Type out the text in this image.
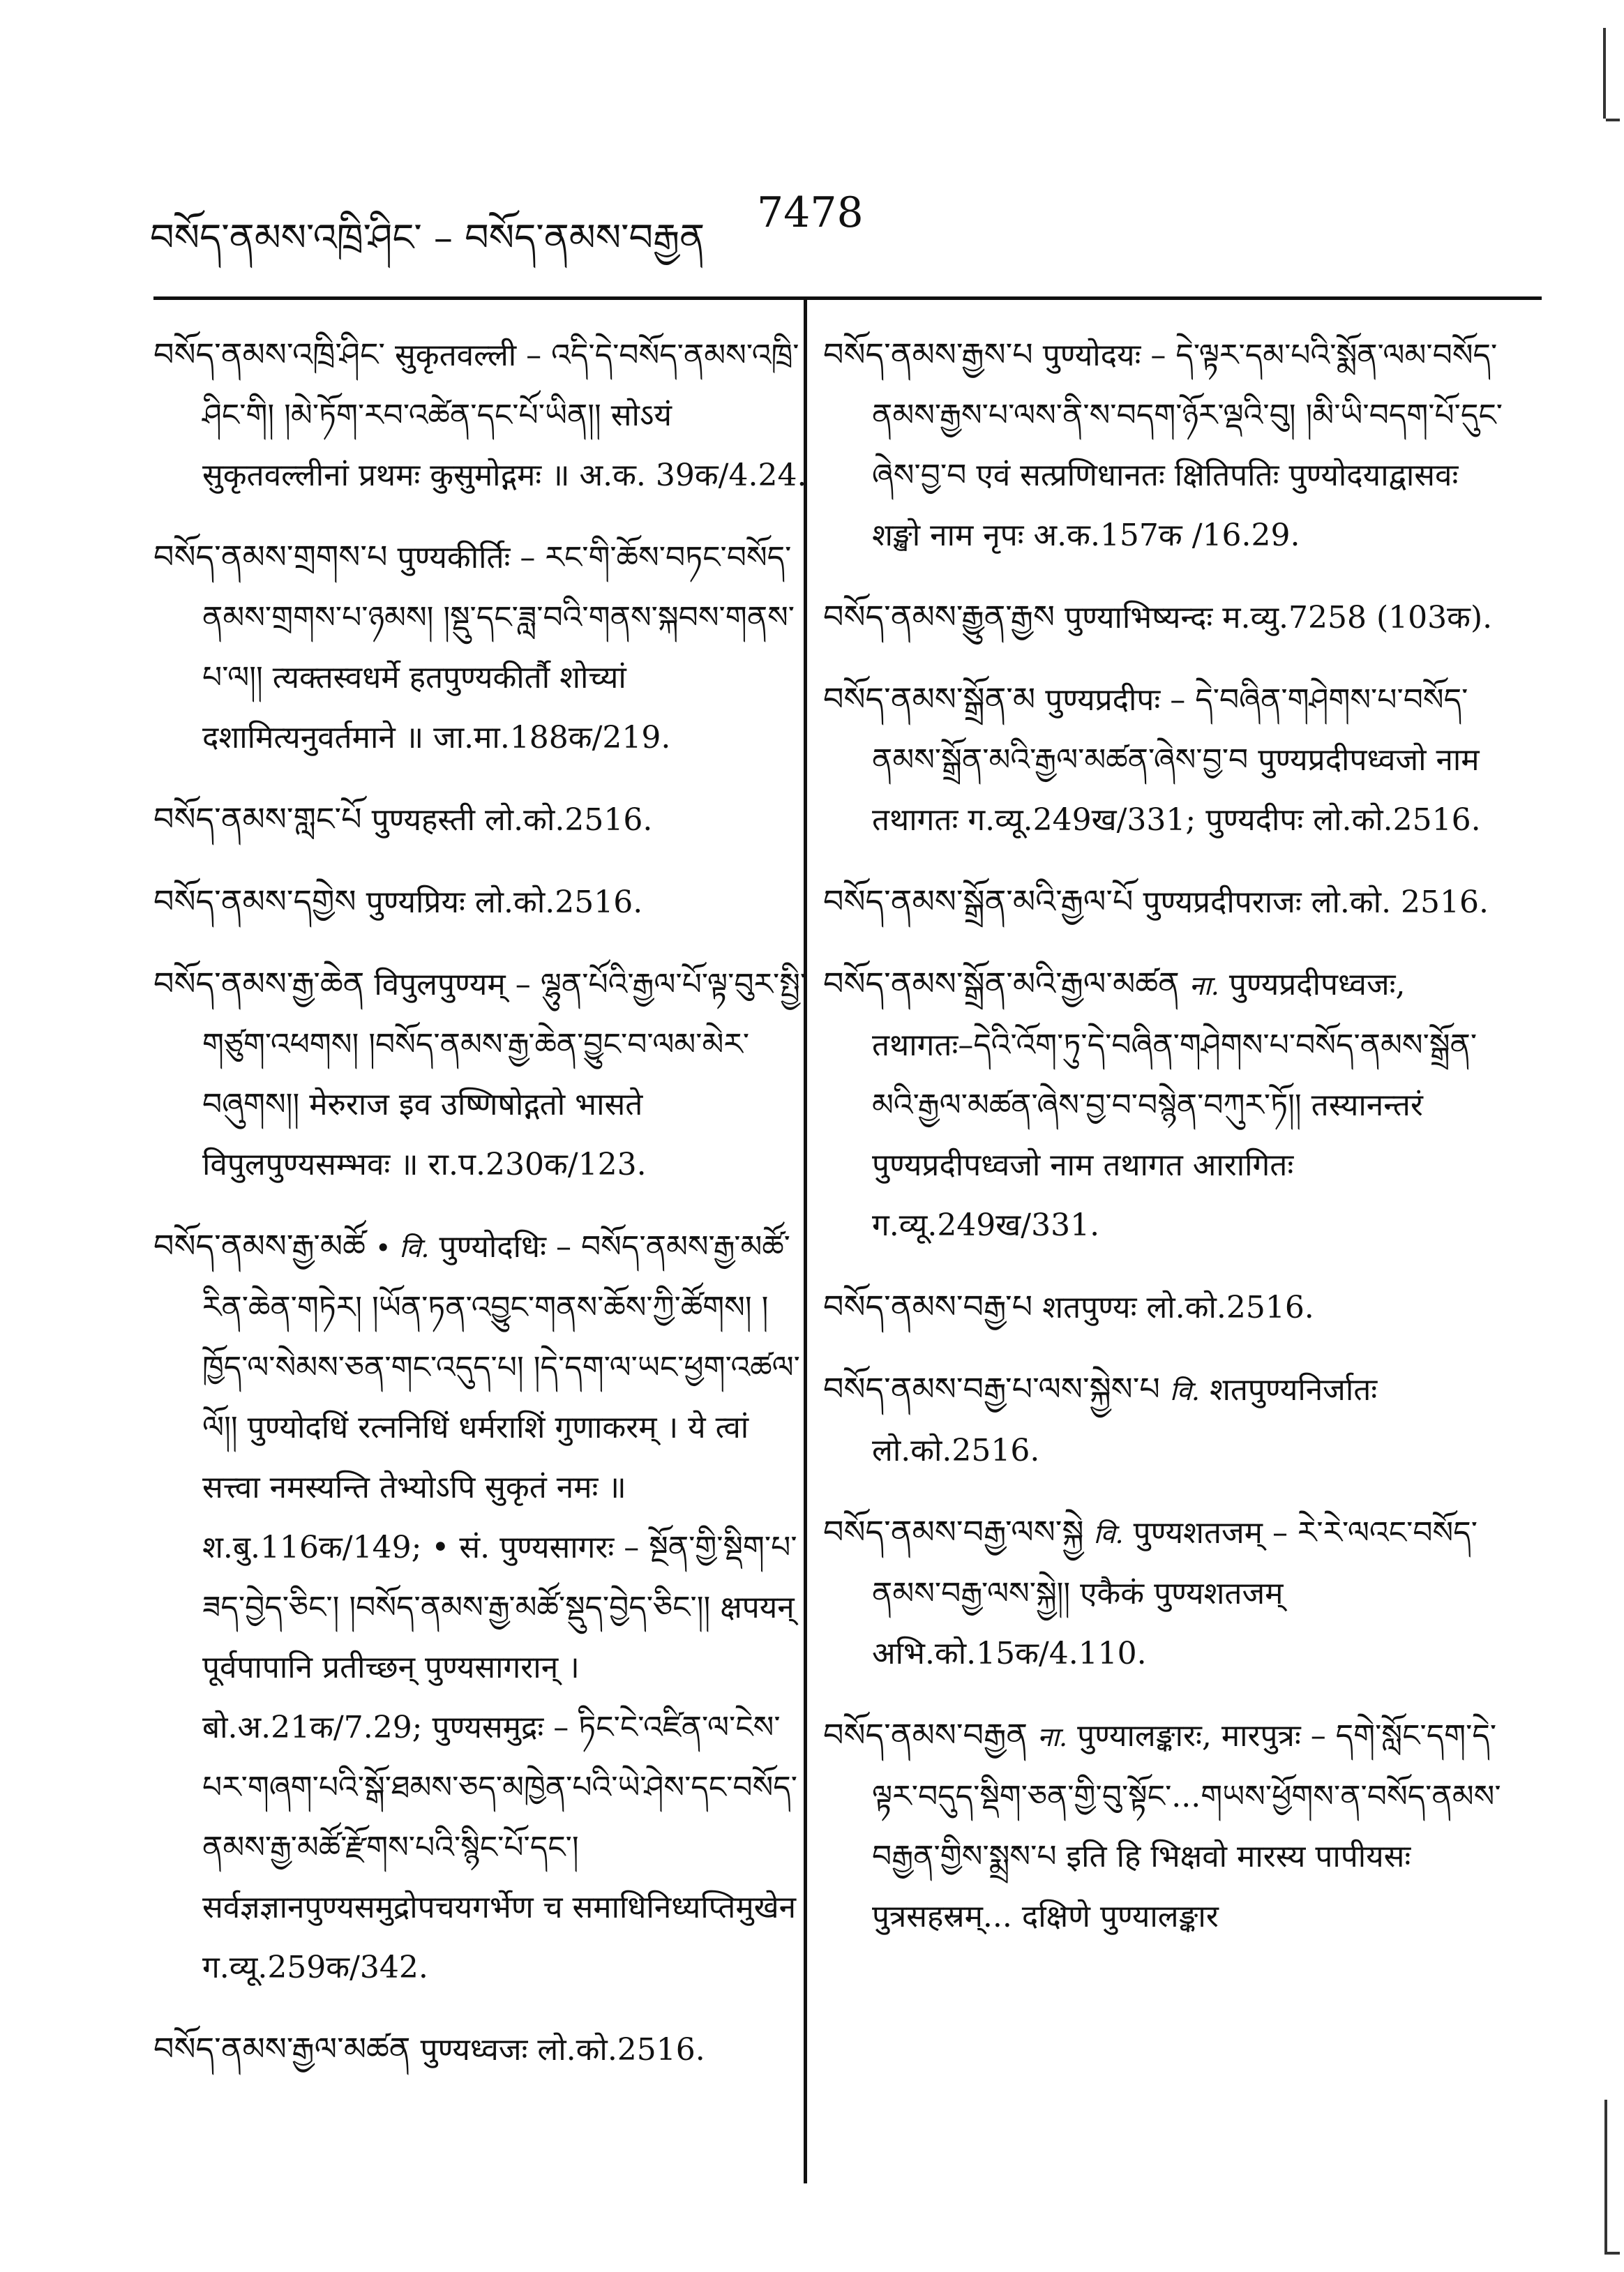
བསོད་ནམས་འཁྲི་ཤིང་ – བསོད་ནམས་བརྒྱན
7478
བསོད་ནམས་འཁྲི་ཤིང་ सुकृतवल्ली – འདི་དེ་བསོད་ནམས་འཁྲི་ཤིང་གི། །མེ་ཏོག་རབ་འཚེན་དང་པོ་ཡིན།། सोऽयं सुकृतवल्लीनां प्रथमः कुसुमोद्गमः ॥ अ.क. 39क/4.24.
བསོད་ནམས་གྲགས་པ पुण्यकीर्तिः – རང་གི་ཆོས་བཏང་བསོད་ནམས་གྲགས་པ་ཉམས། །སྡུ་དང་ཟླ་བའི་གནས་སྐབས་གནས་པ་ལ།། त्यक्तस्वधर्मे हतपुण्यकीर्तौ शोच्यां दशामित्यनुवर्तमाने ॥ जा.मा.188क/219.
བསོད་ནམས་གླང་པོ पुण्यहस्ती लो.को.2516.
བསོད་ནམས་དགྱེས पुण्यप्रियः लो.को.2516.
བསོད་ནམས་རྒྱ་ཆེན विपुलपुण्यम् – ལྷུན་པོའི་རྒྱལ་པོ་ལྟ་བུར་སྤྱི་གཙུག་འཕགས། །བསོད་ནམས་རྒྱ་ཆེན་བྱུང་བ་ལམ་མེར་བཞུགས།། मेरुराज इव उष्णिषोद्गतो भासते विपुलपुण्यसम्भवः ॥ रा.प.230क/123.
བསོད་ནམས་རྒྱ་མཚོ • वि. पुण्योदधिः – བསོད་ནམས་རྒྱ་མཚོ་རིན་ཆེན་གཏེར། །ཡོན་ཏན་འབྱུང་གནས་ཆོས་ཀྱི་ཚོགས། །ཁྱོད་ལ་སེམས་ཅན་གང་འདུད་པ། །དེ་དག་ལ་ཡང་ཕྱག་འཚལ་ལོ།། पुण्योदधिं रत्ननिधिं धर्मराशिं गुणाकरम् । ये त्वां सत्त्वा नमस्यन्ति तेभ्योऽपि सुकृतं नमः ॥ श.बु.116क/149; • सं. पुण्यसागरः – སྔོན་གྱི་སྡིག་པ་ཟད་བྱེད་ཅིང་། །བསོད་ནམས་རྒྱ་མཚོ་སྡུད་བྱེད་ཅིང་།། क्षपयन् पूर्वपापानि प्रतीच्छन् पुण्यसागरान् । बो.अ.21क/7.29; पुण्यसमुद्रः – ཏིང་ངེ་འཛིན་ལ་ངེས་པར་གཞག་པའི་སྒོ་ཐམས་ཅད་མཁྱེན་པའི་ཡེ་ཤེས་དང་བསོད་ནམས་རྒྱ་མཚོ་རྫོགས་པའི་སྙིང་པོ་དང་། सर्वज्ञज्ञानपुण्यसमुद्रोपचयगर्भेण च समाधिनिध्यप्तिमुखेन ग.व्यू.259क/342.
བསོད་ནམས་རྒྱལ་མཚན पुण्यध्वजः लो.को.2516.
བསོད་ནམས་རྒྱས་པ पुण्योदयः – དེ་ལྟར་དམ་པའི་སྨོན་ལམ་བསོད་ནམས་རྒྱས་པ་ལས་ནི་ས་བདག་ཉོར་ལྡའི་བུ། །མི་ཡི་བདག་པོ་དུང་ཞེས་བྱ་བ एवं सत्प्रणिधानतः क्षितिपतिः पुण्योदयाद्वासवः शङ्खो नाम नृपः अ.क.157क /16.29.
བསོད་ནམས་རྒྱུན་རྒྱས पुण्याभिष्यन्दः म.व्यु.7258 (103क).
བསོད་ནམས་སྒྲོན་མ पुण्यप्रदीपः – དེ་བཞིན་གཤེགས་པ་བསོད་ནམས་སྒྲོན་མའི་རྒྱལ་མཚན་ཞེས་བྱ་བ पुण्यप्रदीपध्वजो नाम तथागतः ग.व्यू.249ख/331; पुण्यदीपः लो.को.2516.
བསོད་ནམས་སྒྲོན་མའི་རྒྱལ་པོ पुण्यप्रदीपराजः लो.को. 2516.
བསོད་ནམས་སྒྲོན་མའི་རྒྱལ་མཚན ना. पुण्यप्रदीपध्वजः, तथागतः–དེའི་འོག་ཏུ་དེ་བཞིན་གཤེགས་པ་བསོད་ནམས་སྒྲོན་མའི་རྒྱལ་མཚན་ཞེས་བྱ་བ་བསྙེན་བཀུར་ཏོ།། तस्यानन्तरं पुण्यप्रदीपध्वजो नाम तथागत आरागितः ग.व्यू.249ख/331.
བསོད་ནམས་བརྒྱ་པ शतपुण्यः लो.को.2516.
བསོད་ནམས་བརྒྱ་པ་ལས་སྐྱེས་པ वि. शतपुण्यनिर्जातः लो.को.2516.
བསོད་ནམས་བརྒྱ་ལས་སྐྱེ वि. पुण्यशतजम् – རེ་རེ་ལའང་བསོད་ནམས་བརྒྱ་ལས་སྐྱེ།། एकैकं पुण्यशतजम् अभि.को.15क/4.110.
བསོད་ནམས་བརྒྱན ना. पुण्यालङ्कारः, मारपुत्रः – དགེ་སློང་དག་དེ་ལྟར་བདུད་སྡིག་ཅན་གྱི་བུ་སྟོང་...གཡས་ཕྱོགས་ན་བསོད་ནམས་བརྒྱན་གྱིས་སྨྲས་པ इति हि भिक्षवो मारस्य पापीयसः पुत्रसहस्रम्... दक्षिणे पुण्यालङ्कार
